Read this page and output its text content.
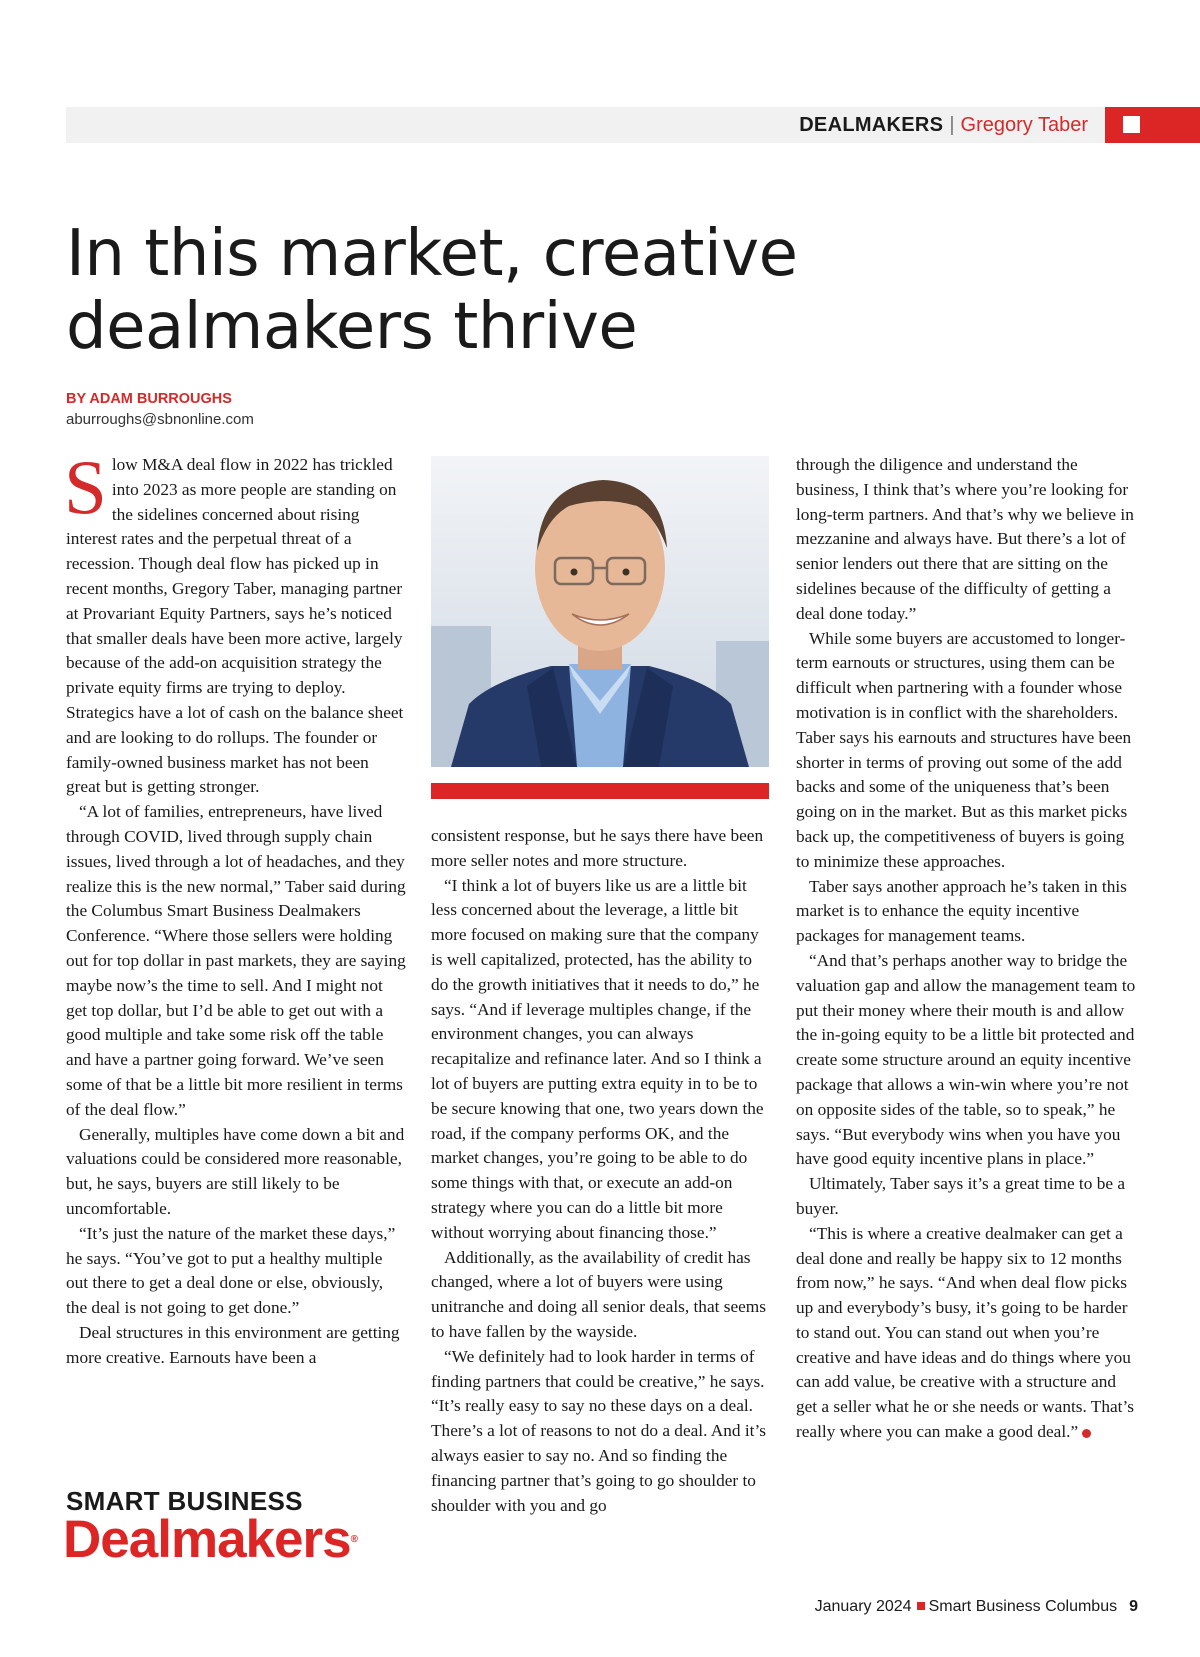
DEALMAKERS | Gregory Taber
In this market, creative dealmakers thrive
BY ADAM BURROUGHS
aburroughs@sbnonline.com

Slow M&A deal flow in 2022 has trickled into 2023 as more people are standing on the sidelines concerned about rising interest rates and the perpetual threat of a recession. Though deal flow has picked up in recent months, Gregory Taber, managing partner at Provariant Equity Partners, says he’s noticed that smaller deals have been more active, largely because of the add-on acquisition strategy the private equity firms are trying to deploy. Strategics have a lot of cash on the balance sheet and are looking to do rollups. The founder or family-owned business market has not been great but is getting stronger.

“A lot of families, entrepreneurs, have lived through COVID, lived through supply chain issues, lived through a lot of headaches, and they realize this is the new normal,” Taber said during the Columbus Smart Business Dealmakers Conference. “Where those sellers were holding out for top dollar in past markets, they are saying maybe now’s the time to sell. And I might not get top dollar, but I’d be able to get out with a good multiple and take some risk off the table and have a partner going forward. We’ve seen some of that be a little bit more resilient in terms of the deal flow.”

Generally, multiples have come down a bit and valuations could be considered more reasonable, but, he says, buyers are still likely to be uncomfortable.

“It’s just the nature of the market these days,” he says. “You’ve got to put a healthy multiple out there to get a deal done or else, obviously, the deal is not going to get done.”

Deal structures in this environment are getting more creative. Earnouts have been a

consistent response, but he says there have been more seller notes and more structure.

“I think a lot of buyers like us are a little bit less concerned about the leverage, a little bit more focused on making sure that the company is well capitalized, protected, has the ability to do the growth initiatives that it needs to do,” he says. “And if leverage multiples change, if the environment changes, you can always recapitalize and refinance later. And so I think a lot of buyers are putting extra equity in to be to be secure knowing that one, two years down the road, if the company performs OK, and the market changes, you’re going to be able to do some things with that, or execute an add-on strategy where you can do a little bit more without worrying about financing those.”

Additionally, as the availability of credit has changed, where a lot of buyers were using unitranche and doing all senior deals, that seems to have fallen by the wayside.

“We definitely had to look harder in terms of finding partners that could be creative,” he says. “It’s really easy to say no these days on a deal. There’s a lot of reasons to not do a deal. And it’s always easier to say no. And so finding the financing partner that’s going to go shoulder to shoulder with you and go

through the diligence and understand the business, I think that’s where you’re looking for long-term partners. And that’s why we believe in mezzanine and always have. But there’s a lot of senior lenders out there that are sitting on the sidelines because of the difficulty of getting a deal done today.”

While some buyers are accustomed to longer-term earnouts or structures, using them can be difficult when partnering with a founder whose motivation is in conflict with the shareholders. Taber says his earnouts and structures have been shorter in terms of proving out some of the add backs and some of the uniqueness that’s been going on in the market. But as this market picks back up, the competitiveness of buyers is going to minimize these approaches.

Taber says another approach he’s taken in this market is to enhance the equity incentive packages for management teams.

“And that’s perhaps another way to bridge the valuation gap and allow the management team to put their money where their mouth is and allow the in-going equity to be a little bit protected and create some structure around an equity incentive package that allows a win-win where you’re not on opposite sides of the table, so to speak,” he says. “But everybody wins when you have you have good equity incentive plans in place.”

Ultimately, Taber says it’s a great time to be a buyer.

“This is where a creative dealmaker can get a deal done and really be happy six to 12 months from now,” he says. “And when deal flow picks up and everybody’s busy, it’s going to be harder to stand out. You can stand out when you’re creative and have ideas and do things where you can add value, be creative with a structure and get a seller what he or she needs or wants. That’s really where you can make a good deal.”

SMART BUSINESS
Dealmakers®
January 2024 Smart Business Columbus 9
